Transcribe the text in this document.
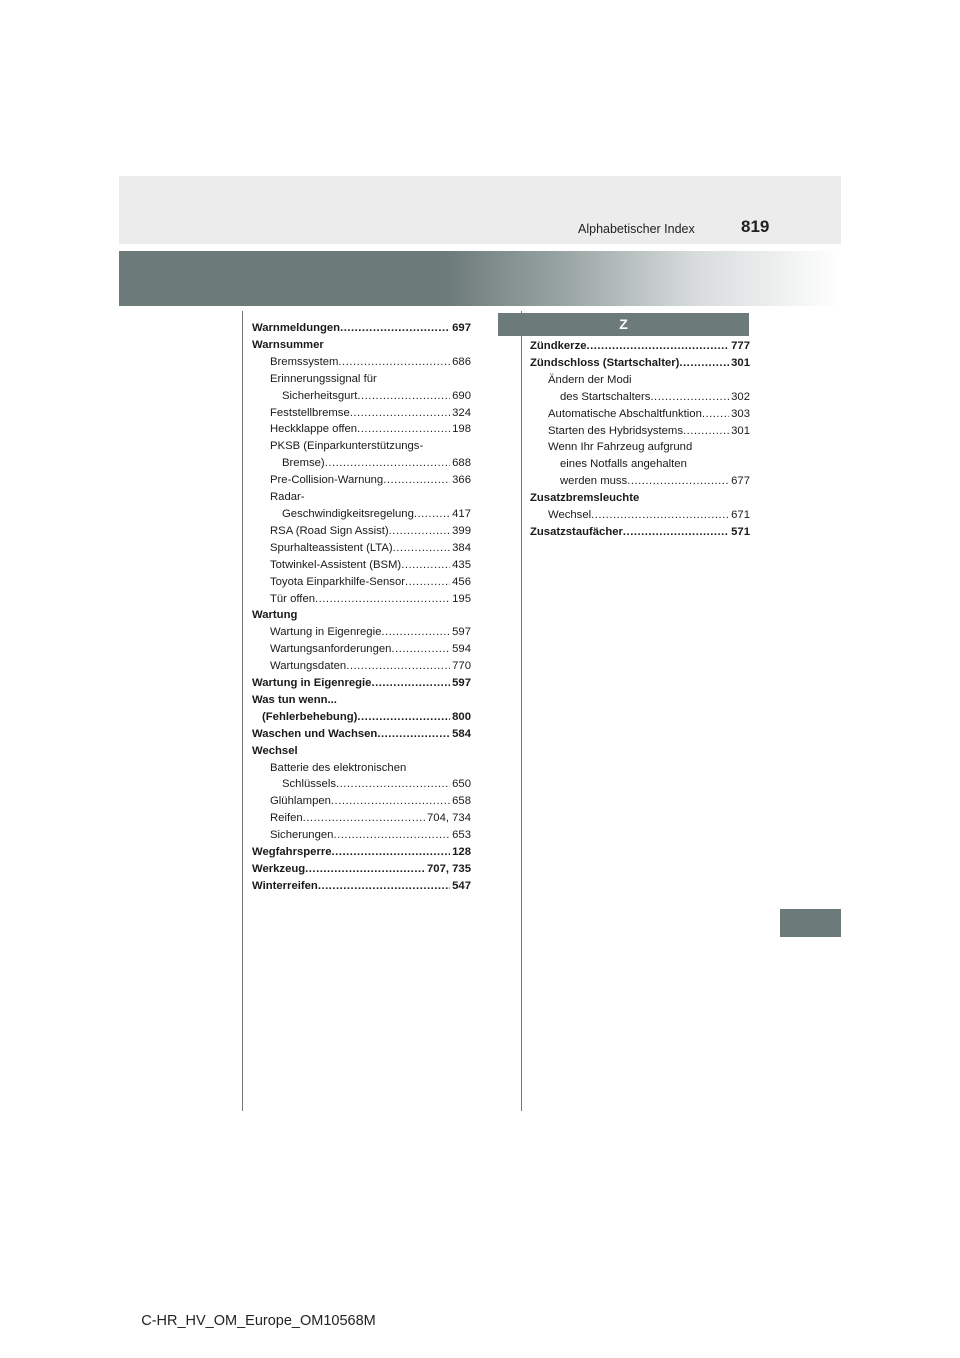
Alphabetischer Index	819
Z
Warnmeldungen .....	697
Warnsummer
Bremssystem .....	686
Erinnerungssignal für
Sicherheitsgurt .....	690
Feststellbremse .....	324
Heckklappe offen .....	198
PKSB (Einparkunterstützungs-
Bremse) .....	688
Pre-Collision-Warnung .....	366
Radar-
Geschwindigkeitsregelung .....	417
RSA (Road Sign Assist) .....	399
Spurhalteassistent (LTA) .....	384
Totwinkel-Assistent (BSM) .....	435
Toyota Einparkhilfe-Sensor .....	456
Tür offen .....	195
Wartung
Wartung in Eigenregie .....	597
Wartungsanforderungen .....	594
Wartungsdaten .....	770
Wartung in Eigenregie .....	597
Was tun wenn...
(Fehlerbehebung) .....	800
Waschen und Wachsen .....	584
Wechsel
Batterie des elektronischen
Schlüssels .....	650
Glühlampen .....	658
Reifen .....	704, 734
Sicherungen .....	653
Wegfahrsperre .....	128
Werkzeug .....	707, 735
Winterreifen .....	547
Zündkerze .....	777
Zündschloss (Startschalter) .....	301
Ändern der Modi
des Startschalters .....	302
Automatische Abschaltfunktion .....	303
Starten des Hybridsystems .....	301
Wenn Ihr Fahrzeug aufgrund
eines Notfalls angehalten
werden muss .....	677
Zusatzbremsleuchte
Wechsel .....	671
Zusatzstaufächer .....	571
C-HR_HV_OM_Europe_OM10568M
